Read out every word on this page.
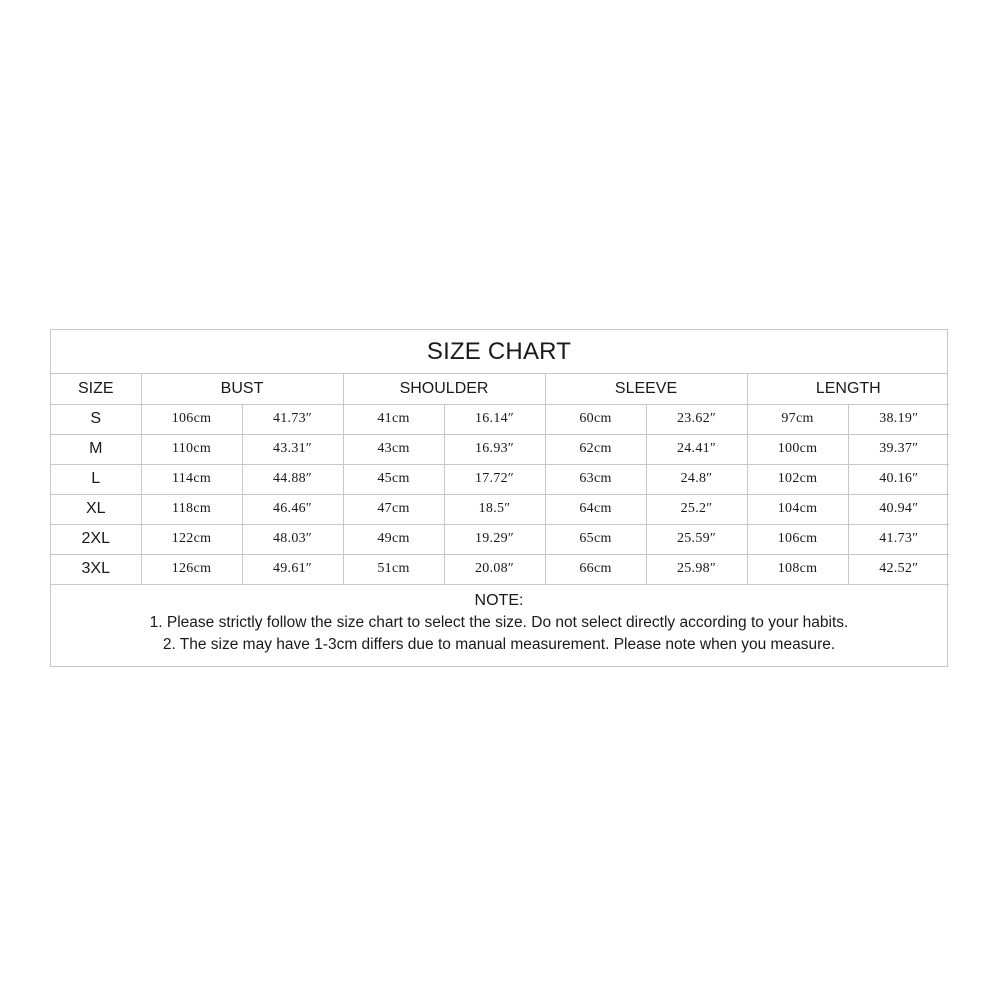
SIZE CHART
SIZE	BUST		SHOULDER		SLEEVE		LENGTH	
S	106cm	41.73″	41cm	16.14″	60cm	23.62″	97cm	38.19″
M	110cm	43.31″	43cm	16.93″	62cm	24.41″	100cm	39.37″
L	114cm	44.88″	45cm	17.72″	63cm	24.8″	102cm	40.16″
XL	118cm	46.46″	47cm	18.5″	64cm	25.2″	104cm	40.94″
2XL	122cm	48.03″	49cm	19.29″	65cm	25.59″	106cm	41.73″
3XL	126cm	49.61″	51cm	20.08″	66cm	25.98″	108cm	42.52″
NOTE:
1. Please strictly follow the size chart to select the size. Do not select directly according to your habits.
2. The size may have 1-3cm differs due to manual measurement. Please note when you measure.
